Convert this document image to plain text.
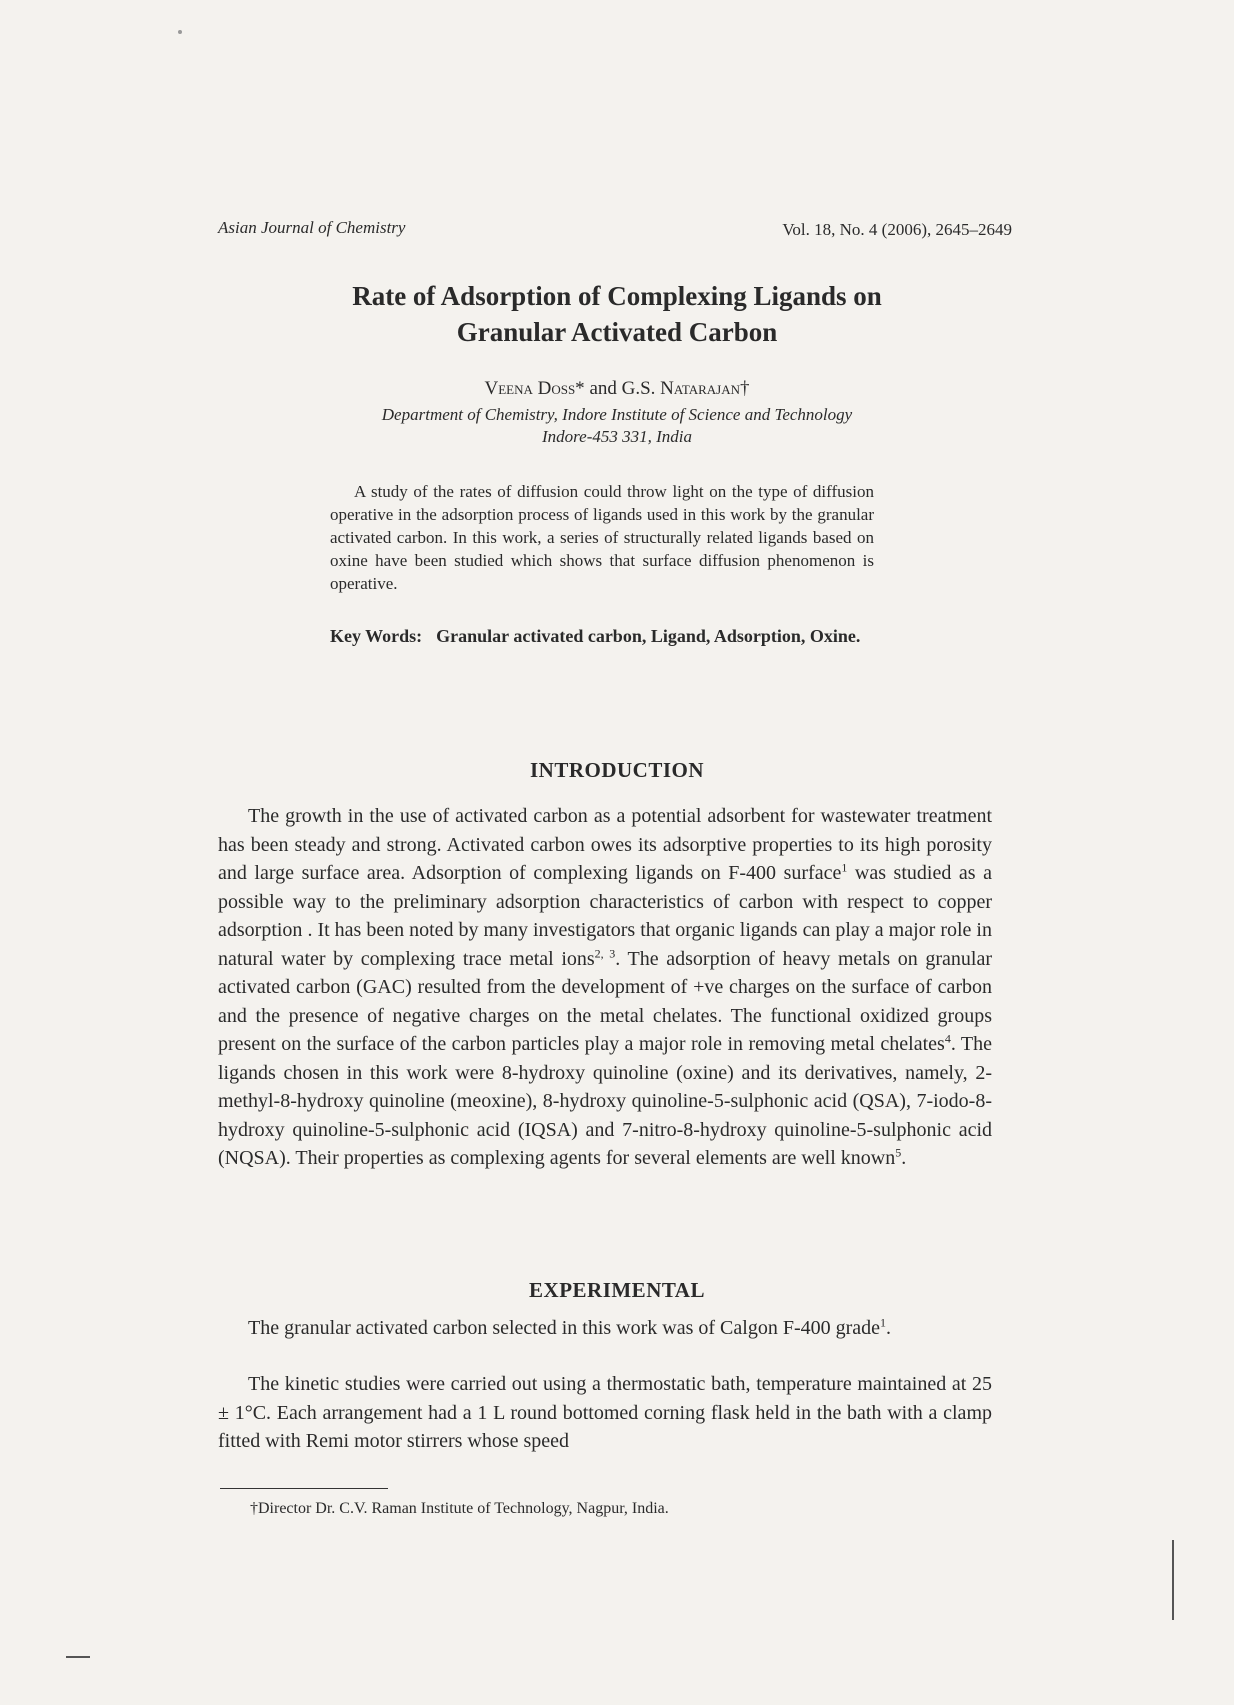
Asian Journal of Chemistry	Vol. 18, No. 4 (2006), 2645–2649
Rate of Adsorption of Complexing Ligands on
Granular Activated Carbon
Veena Doss* and G.S. Natarajan†
Department of Chemistry, Indore Institute of Science and Technology
Indore-453 331, India

A study of the rates of diffusion could throw light on the type of diffusion operative in the adsorption process of ligands used in this work by the granular activated carbon. In this work, a series of structurally related ligands based on oxine have been studied which shows that surface diffusion phenomenon is operative.

Key Words: Granular activated carbon, Ligand, Adsorption, Oxine.
INTRODUCTION

The growth in the use of activated carbon as a potential adsorbent for wastewater treatment has been steady and strong. Activated carbon owes its adsorptive properties to its high porosity and large surface area. Adsorption of complexing ligands on F-400 surface$^1$ was studied as a possible way to the preliminary adsorption characteristics of carbon with respect to copper adsorption . It has been noted by many investigators that organic ligands can play a major role in natural water by complexing trace metal ions$^{2, 3}$. The adsorption of heavy metals on granular activated carbon (GAC) resulted from the development of +ve charges on the surface of carbon and the presence of negative charges on the metal chelates. The functional oxidized groups present on the surface of the carbon particles play a major role in removing metal chelates$^4$. The ligands chosen in this work were 8-hydroxy quinoline (oxine) and its derivatives, namely, 2-methyl-8-hydroxy quinoline (meoxine), 8-hydroxy quinoline-5-sulphonic acid (QSA), 7-iodo-8-hydroxy quinoline-5-sulphonic acid (IQSA) and 7-nitro-8-hydroxy quinoline-5-sulphonic acid (NQSA). Their properties as complexing agents for several elements are well known$^5$.

EXPERIMENTAL

The granular activated carbon selected in this work was of Calgon F-400 grade$^1$.

The kinetic studies were carried out using a thermostatic bath, temperature maintained at 25 ± 1°C. Each arrangement had a 1 L round bottomed corning flask held in the bath with a clamp fitted with Remi motor stirrers whose speed

†Director Dr. C.V. Raman Institute of Technology, Nagpur, India.
